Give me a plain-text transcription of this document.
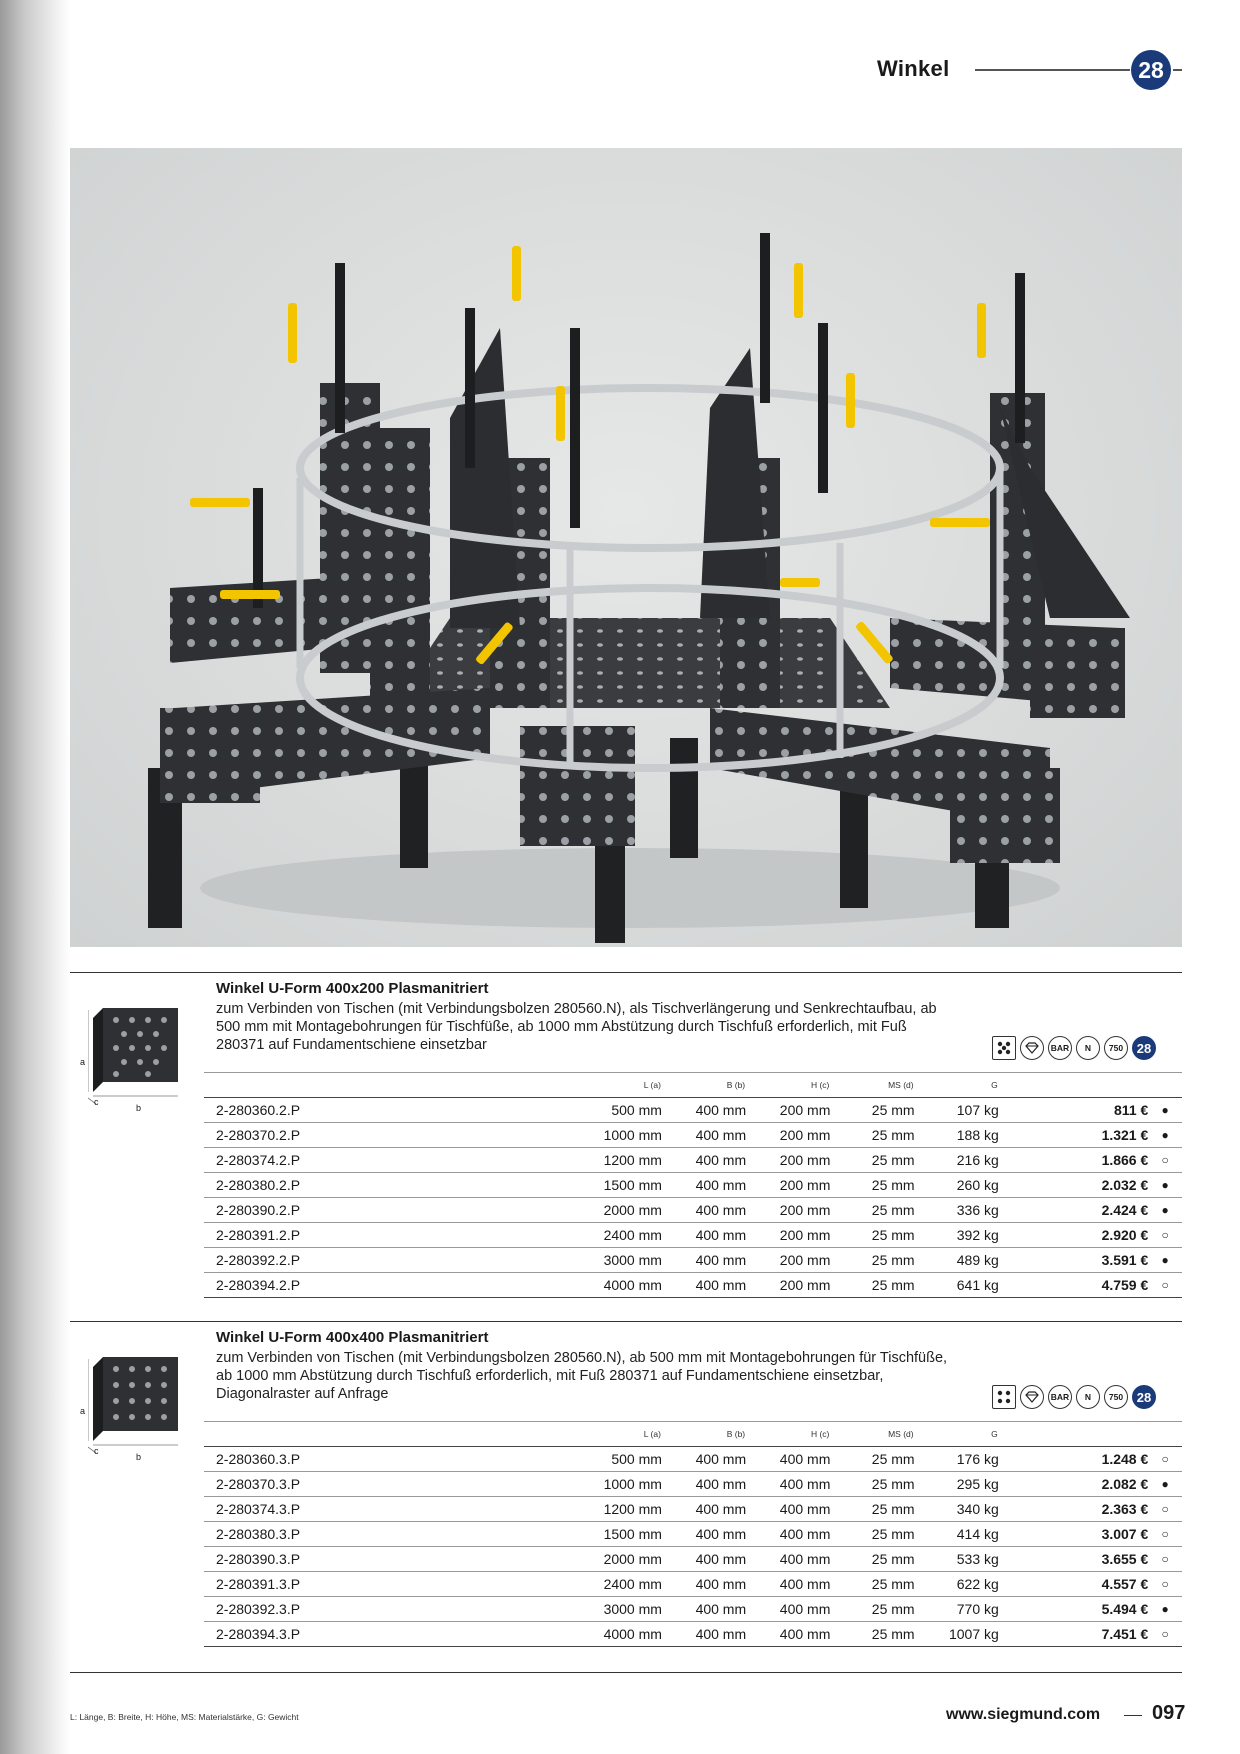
Winkel	28
a
b
c
Winkel U-Form 400x200 Plasmanitriert
zum Verbinden von Tischen (mit Verbindungsbolzen 280560.N), als Tischverlängerung und Senkrechtaufbau, ab 500 mm mit Montagebohrungen für Tischfüße, ab 1000 mm Abstützung durch Tischfuß erforderlich, mit Fuß 280371 auf Fundamentschiene einsetzbar	BAR	N	750	28
	L (a)	B (b)	H (c)	MS (d)	G		
2-280360.2.P	500 mm	400 mm	200 mm	25 mm	107 kg	811 €	●
2-280370.2.P	1000 mm	400 mm	200 mm	25 mm	188 kg	1.321 €	●
2-280374.2.P	1200 mm	400 mm	200 mm	25 mm	216 kg	1.866 €	○
2-280380.2.P	1500 mm	400 mm	200 mm	25 mm	260 kg	2.032 €	●
2-280390.2.P	2000 mm	400 mm	200 mm	25 mm	336 kg	2.424 €	●
2-280391.2.P	2400 mm	400 mm	200 mm	25 mm	392 kg	2.920 €	○
2-280392.2.P	3000 mm	400 mm	200 mm	25 mm	489 kg	3.591 €	●
2-280394.2.P	4000 mm	400 mm	200 mm	25 mm	641 kg	4.759 €	○
a
b
c
Winkel U-Form 400x400 Plasmanitriert
zum Verbinden von Tischen (mit Verbindungsbolzen 280560.N), ab 500 mm mit Montagebohrungen für Tischfüße, ab 1000 mm Abstützung durch Tischfuß erforderlich, mit Fuß 280371 auf Fundamentschiene einsetzbar, Diagonalraster auf Anfrage	BAR	N	750	28
	L (a)	B (b)	H (c)	MS (d)	G		
2-280360.3.P	500 mm	400 mm	400 mm	25 mm	176 kg	1.248 €	○
2-280370.3.P	1000 mm	400 mm	400 mm	25 mm	295 kg	2.082 €	●
2-280374.3.P	1200 mm	400 mm	400 mm	25 mm	340 kg	2.363 €	○
2-280380.3.P	1500 mm	400 mm	400 mm	25 mm	414 kg	3.007 €	○
2-280390.3.P	2000 mm	400 mm	400 mm	25 mm	533 kg	3.655 €	○
2-280391.3.P	2400 mm	400 mm	400 mm	25 mm	622 kg	4.557 €	○
2-280392.3.P	3000 mm	400 mm	400 mm	25 mm	770 kg	5.494 €	●
2-280394.3.P	4000 mm	400 mm	400 mm	25 mm	1007 kg	7.451 €	○
L: Länge, B: Breite, H: Höhe, MS: Materialstärke, G: Gewicht	www.siegmund.com	097
